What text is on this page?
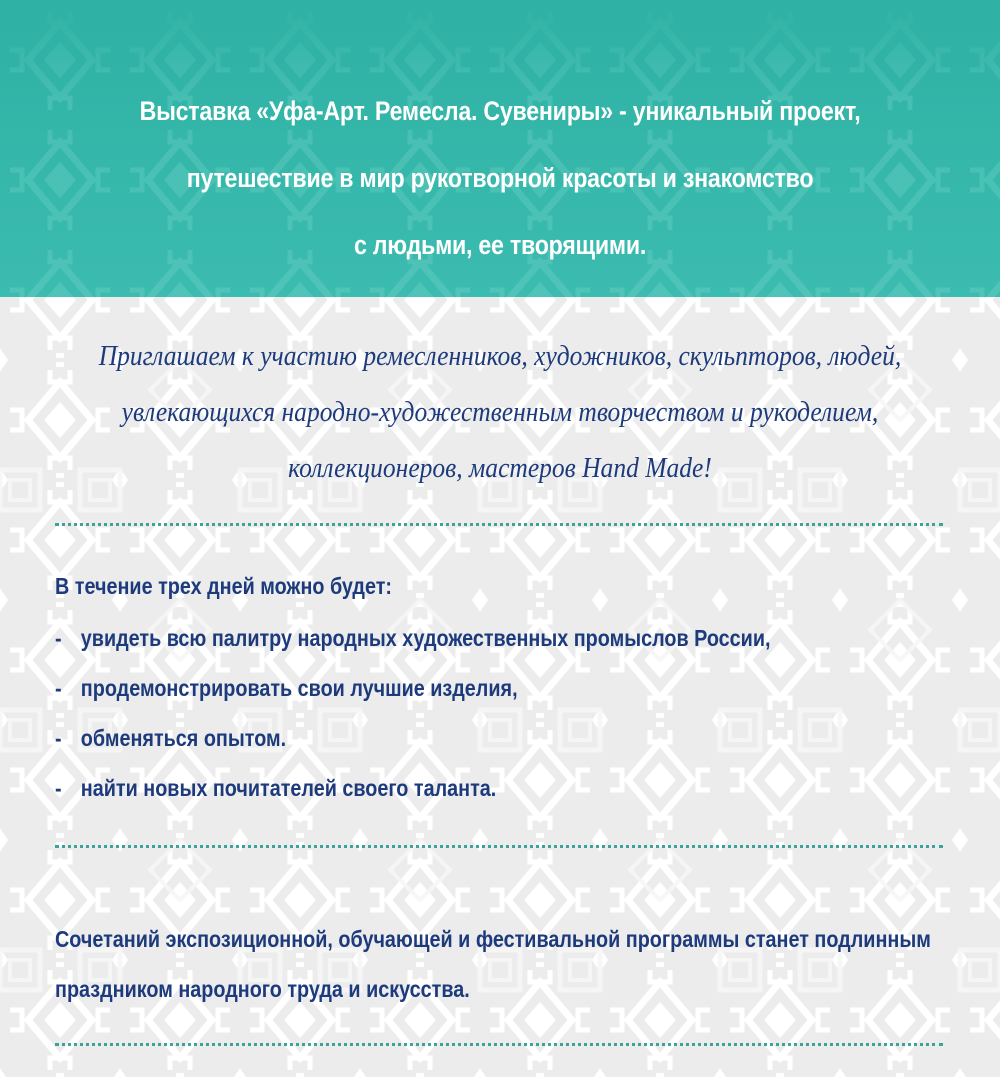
Выставка «Уфа-Арт. Ремесла. Сувениры» - уникальный проект,
путешествие в мир рукотворной красоты и знакомство
с людьми, ее творящими.

Приглашаем к участию ремесленников, художников, скульпторов, людей,
увлекающихся народно-художественным творчеством и рукоделием,
коллекционеров, мастеров Hand Made!

В течение трех дней можно будет:
- увидеть всю палитру народных художественных промыслов России,
- продемонстрировать свои лучшие изделия,
- обменяться опытом.
- найти новых почитателей своего таланта.

Сочетаний экспозиционной, обучающей и фестивальной программы станет подлинным
праздником народного труда и искусства.
